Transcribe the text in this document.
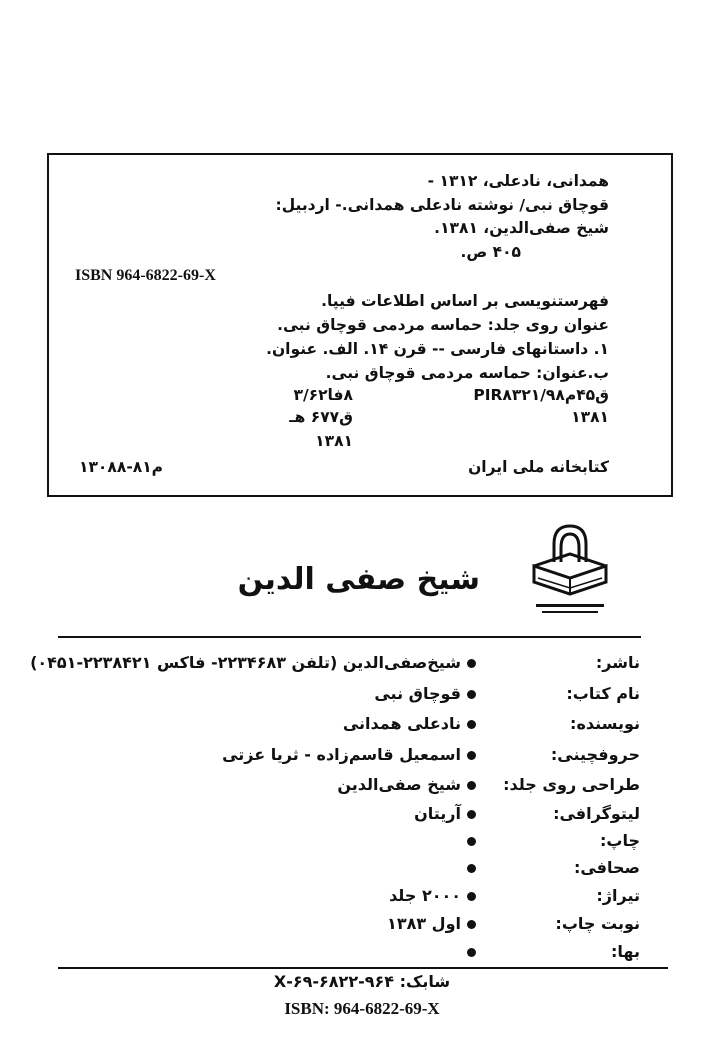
همدانی، نادعلی، ۱۳۱۲ -
قوچاق نبی/ نوشته نادعلی همدانی.- اردبیل:
شیخ صفی‌الدین، ۱۳۸۱.
۴۰۵ ص.
ISBN 964-6822-69-X
فهرستنویسی بر اساس اطلاعات فیپا.
عنوان روی جلد: حماسه مردمی قوچاق نبی.
۱. داستانهای فارسی -- قرن ۱۴. الف. عنوان.
ب.عنوان: حماسه مردمی قوچاق نبی.
PIR۸۳۲۱/۹ق۴۵م۸
۱۳۸۱
۸فا۳/۶۲
ق۶۷۷ هـ
۱۳۸۱
کتابخانه ملی ایران
م۸۱-۱۳۰۸۸
شیخ صفی الدین
ناشر:
شیخ‌صفی‌الدین (تلفن ۲۲۳۴۶۸۳- فاکس ۲۲۳۸۴۲۱-۰۴۵۱)
نام کتاب:
قوچاق نبی
نویسنده:
نادعلی همدانی
حروفچینی:
اسمعیل قاسم‌زاده - ثریا عزتی
طراحی روی جلد:
شیخ صفی‌الدین
لیتوگرافی:
آریتان
چاپ:
صحافی:
تیراژ:
۲۰۰۰ جلد
نوبت چاپ:
اول ۱۳۸۳
بها:
شابک: ۹۶۴-۶۸۲۲-۶۹-X
ISBN: 964-6822-69-X
